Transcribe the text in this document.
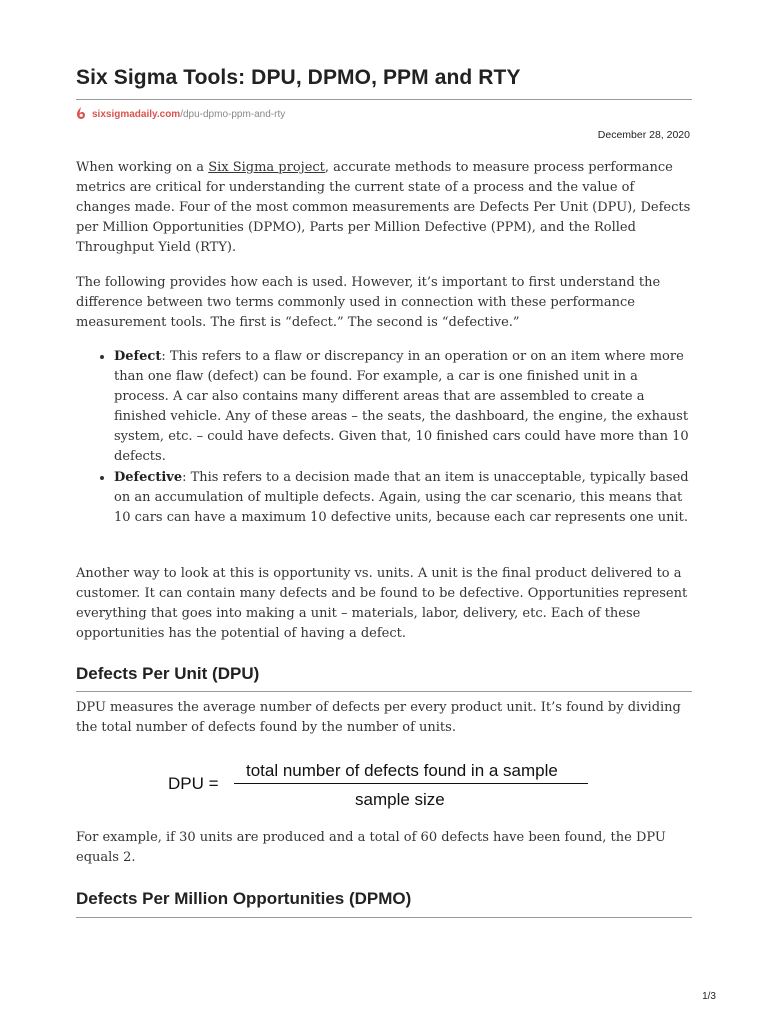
Six Sigma Tools: DPU, DPMO, PPM and RTY
sixsigmadaily.com/dpu-dpmo-ppm-and-rty
December 28, 2020

When working on a Six Sigma project, accurate methods to measure process performance metrics are critical for understanding the current state of a process and the value of changes made. Four of the most common measurements are Defects Per Unit (DPU), Defects per Million Opportunities (DPMO), Parts per Million Defective (PPM), and the Rolled Throughput Yield (RTY).

The following provides how each is used. However, it’s important to first understand the difference between two terms commonly used in connection with these performance measurement tools. The first is “defect.” The second is “defective.”

• Defect: This refers to a flaw or discrepancy in an operation or on an item where more than one flaw (defect) can be found. For example, a car is one finished unit in a process. A car also contains many different areas that are assembled to create a finished vehicle. Any of these areas – the seats, the dashboard, the engine, the exhaust system, etc. – could have defects. Given that, 10 finished cars could have more than 10 defects.
• Defective: This refers to a decision made that an item is unacceptable, typically based on an accumulation of multiple defects. Again, using the car scenario, this means that 10 cars can have a maximum 10 defective units, because each car represents one unit.

Another way to look at this is opportunity vs. units. A unit is the final product delivered to a customer. It can contain many defects and be found to be defective. Opportunities represent everything that goes into making a unit – materials, labor, delivery, etc. Each of these opportunities has the potential of having a defect.

Defects Per Unit (DPU)

DPU measures the average number of defects per every product unit. It’s found by dividing the total number of defects found by the number of units.

DPU =
total number of defects found in a sample
sample size

For example, if 30 units are produced and a total of 60 defects have been found, the DPU equals 2.

Defects Per Million Opportunities (DPMO)
1/3
